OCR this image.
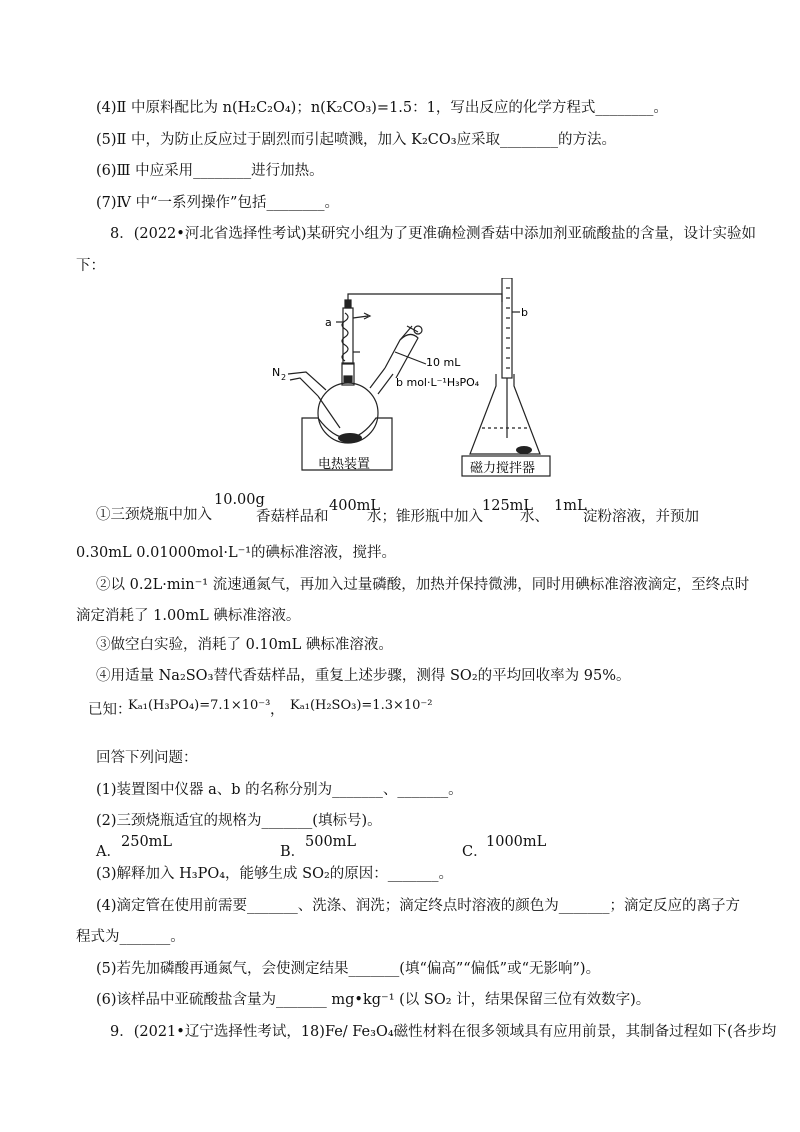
(4)Ⅱ 中原料配比为 n(H₂C₂O₄)；n(K₂CO₃)=1.5：1，写出反应的化学方程式________。
(5)Ⅱ 中，为防止反应过于剧烈而引起喷溅，加入 K₂CO₃应采取________的方法。
(6)Ⅲ 中应采用________进行加热。
(7)Ⅳ 中“一系列操作”包括________。
8．(2022•河北省选择性考试)某研究小组为了更准确检测香菇中添加剂亚硫酸盐的含量，设计实验如
下：
a
b
N 2
10 mL
b mol·L⁻¹H₃PO₄
电热装置	磁力搅拌器
①三颈烧瓶中加入
10.00g
香菇样品和
400mL
水；锥形瓶中加入
125mL
水、
1mL
淀粉溶液，并预加
0.30mL 0.01000mol·L⁻¹的碘标准溶液，搅拌。
②以 0.2L·min⁻¹ 流速通氮气，再加入过量磷酸，加热并保持微沸，同时用碘标准溶液滴定，至终点时
滴定消耗了 1.00mL 碘标准溶液。
③做空白实验，消耗了 0.10mL 碘标准溶液。
④用适量 Na₂SO₃替代香菇样品，重复上述步骤，测得 SO₂的平均回收率为 95%。
已知：
Kₐ₁(H₃PO₄)=7.1×10⁻³ ， Kₐ₁(H₂SO₃)=1.3×10⁻²
回答下列问题：
(1)装置图中仪器 a、b 的名称分别为_______、_______。
(2)三颈烧瓶适宜的规格为_______(填标号)。
A．
250mL
B．
500mL
C．
1000mL
(3)解释加入 H₃PO₄，能够生成 SO₂的原因：_______。
(4)滴定管在使用前需要_______、洗涤、润洗；滴定终点时溶液的颜色为_______；滴定反应的离子方
程式为_______。
(5)若先加磷酸再通氮气，会使测定结果_______(填“偏高”“偏低”或“无影响”)。
(6)该样品中亚硫酸盐含量为_______ mg•kg⁻¹ (以 SO₂ 计，结果保留三位有效数字)。
9．(2021•辽宁选择性考试，18)Fe/ Fe₃O₄磁性材料在很多领域具有应用前景，其制备过程如下(各步均
